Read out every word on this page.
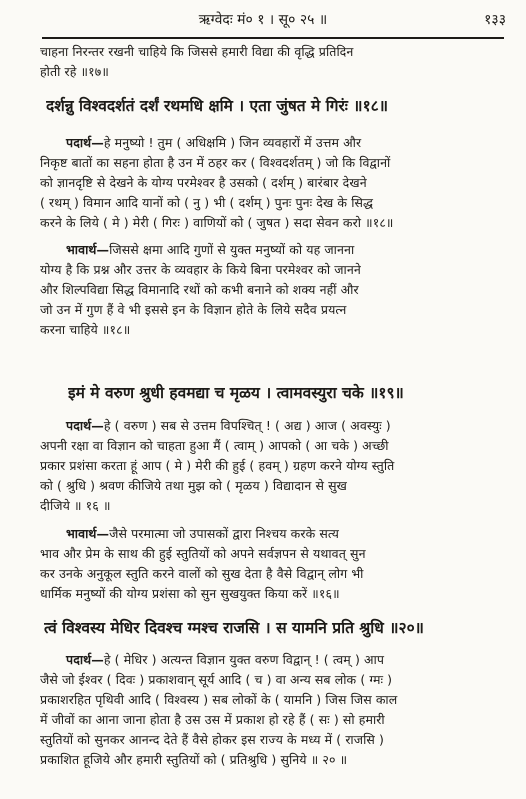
ऋग्वेदः मं० १ । सू० २५ ॥	१३३
चाहना निरन्तर रखनी चाहिये कि जिससे हमारी विद्या की वृद्धि प्रतिदिन
होती रहे ॥१७॥
दर्शन्नु विश्वदर्शतं दर्शं रथमधि क्षमि । एता जुंषत मे गिरंः ॥१८॥
पदार्थ—हे मनुष्यो ! तुम ( अधिक्षमि ) जिन व्यवहारों में उत्तम और
निकृष्ट बातों का सहना होता है उन में ठहर कर ( विश्वदर्शतम् ) जो कि विद्वानों
को ज्ञानदृष्टि से देखने के योग्य परमेश्वर है उसको ( दर्शम् ) बारंबार देखने
( रथम् ) विमान आदि यानों को ( नु ) भी ( दर्शम् ) पुनः पुनः देख के सिद्ध
करने के लिये ( मे ) मेरी ( गिरः ) वाणियों को ( जुषत ) सदा सेवन करो ॥१८॥
भावार्थ—जिससे क्षमा आदि गुणों से युक्त मनुष्यों को यह जानना
योग्य है कि प्रश्न और उत्तर के व्यवहार के किये बिना परमेश्वर को जानने
और शिल्पविद्या सिद्ध विमानादि रथों को कभी बनाने को शक्य नहीं और
जो उन में गुण हैं वे भी इससे इन के विज्ञान होते के लिये सदैव प्रयत्न
करना चाहिये ॥१८॥
इमं मे वरुण श्रुधी हवमद्या च मृळय । त्वामवस्युरा चके ॥१९॥
पदार्थ—हे ( वरुण ) सब से उत्तम विपश्चित् ! ( अद्य ) आज ( अवस्युः )
अपनी रक्षा वा विज्ञान को चाहता हुआ मैं ( त्वाम् ) आपको ( आ चके ) अच्छी
प्रकार प्रशंसा करता हूं आप ( मे ) मेरी की हुई ( हवम् ) ग्रहण करने योग्य स्तुति
को ( श्रुधि ) श्रवण कीजिये तथा मुझ को ( मृळय ) विद्यादान से सुख
दीजिये ॥ १६ ॥
भावार्थ—जैसे परमात्मा जो उपासकों द्वारा निश्चय करके सत्य
भाव और प्रेम के साथ की हुई स्तुतियों को अपने सर्वज्ञपन से यथावत् सुन
कर उनके अनुकूल स्तुति करने वालों को सुख देता है वैसे विद्वान् लोग भी
धार्मिक मनुष्यों की योग्य प्रशंसा को सुन सुखयुक्त किया करें ॥१६॥
त्वं विश्वस्य मेधिर दिवश्च ग्मश्च राजसि । स यामनि प्रति श्रुधि ॥२०॥
पदार्थ—हे ( मेधिर ) अत्यन्त विज्ञान युक्त वरुण विद्वान् ! ( त्वम् ) आप
जैसे जो ईश्वर ( दिवः ) प्रकाशवान् सूर्य आदि ( च ) वा अन्य सब लोक ( ग्मः )
प्रकाशरहित पृथिवी आदि ( विश्वस्य ) सब लोकों के ( यामनि ) जिस जिस काल
में जीवों का आना जाना होता है उस उस में प्रकाश हो रहे हैं ( सः ) सो हमारी
स्तुतियों को सुनकर आनन्द देते हैं वैसे होकर इस राज्य के मध्य में ( राजसि )
प्रकाशित हूजिये और हमारी स्तुतियों को ( प्रतिश्रुधि ) सुनिये ॥ २० ॥
